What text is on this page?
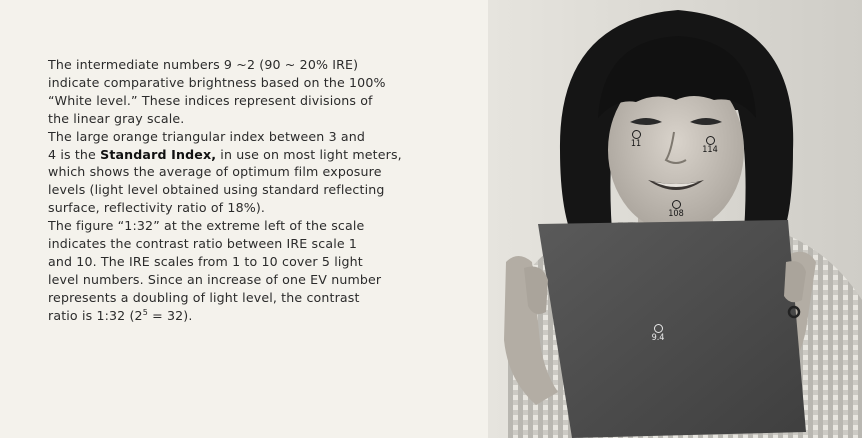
The intermediate numbers 9 ~2 (90 ~ 20% IRE)
indicate comparative brightness based on the 100%
“White level.” These indices represent divisions of
the linear gray scale.
The large orange triangular index between 3 and
4 is the Standard Index, in use on most light meters,
which shows the average of optimum film exposure
levels (light level obtained using standard reflecting
surface, reflectivity ratio of 18%).
The figure “1:32” at the extreme left of the scale
indicates the contrast ratio between IRE scale 1
and 10. The IRE scales from 1 to 10 cover 5 light
level numbers. Since an increase of one EV number
represents a doubling of light level, the contrast
ratio is 1:32 $(2^5 = 32)$.
11
114
108
9.4
